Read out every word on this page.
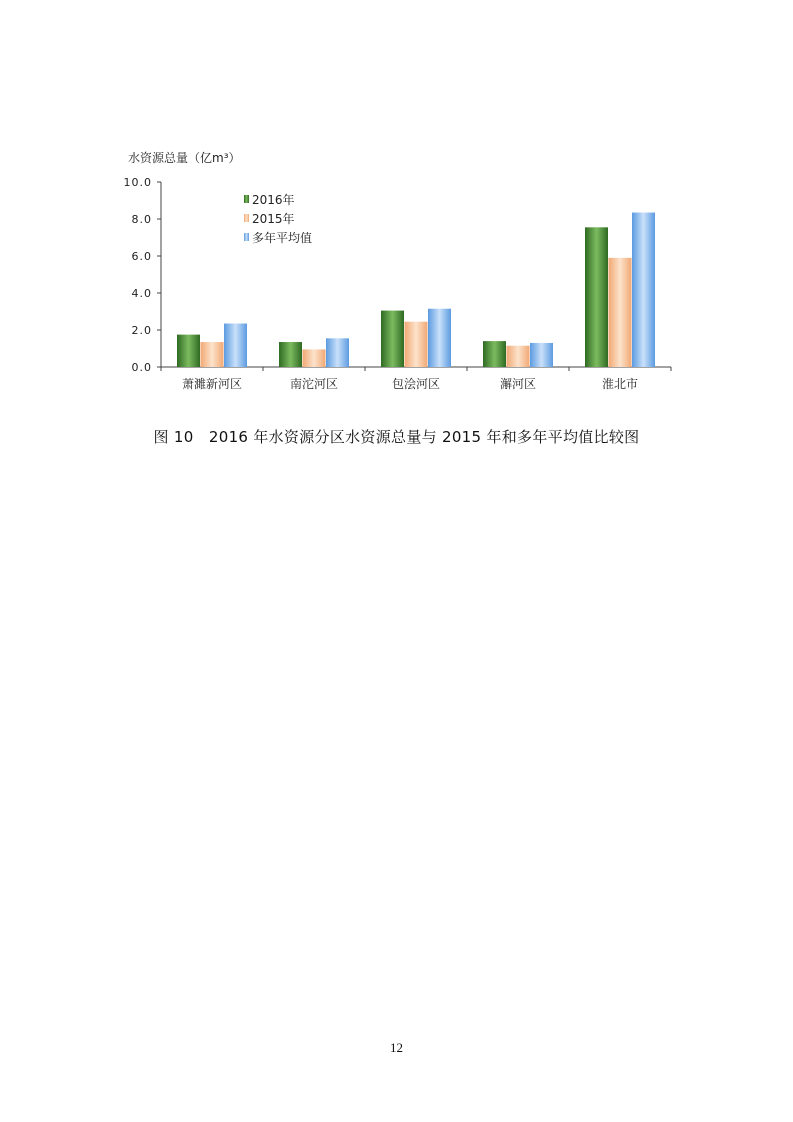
水资源总量（亿m³）
10.0
8.0
6.0
4.0
2.0
0.0
萧濉新河区	南沱河区	包浍河区	澥河区	淮北市
2016年
2015年
多年平均值
图 10　2016 年水资源分区水资源总量与 2015 年和多年平均值比较图
12
